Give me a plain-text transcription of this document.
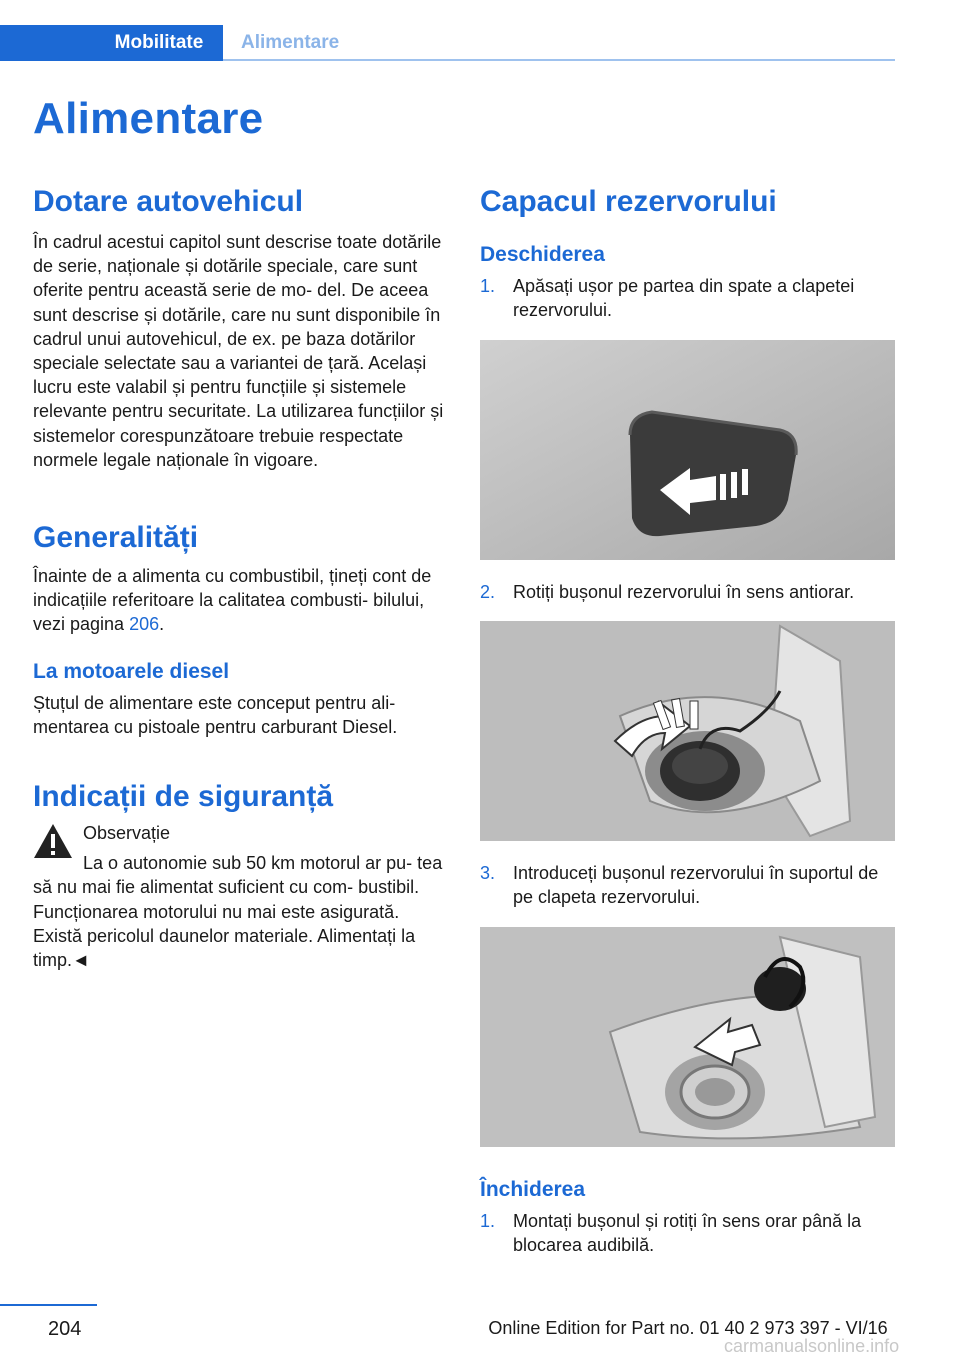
Mobilitate	Alimentare
Alimentare
Dotare autovehicul

În cadrul acestui capitol sunt descrise toate dotările de serie, naționale și dotările speciale, care sunt oferite pentru această serie de mo‐ del. De aceea sunt descrise și dotările, care nu sunt disponibile în cadrul unui autovehicul, de ex. pe baza dotărilor speciale selectate sau a variantei de țară. Același lucru este valabil și pentru funcțiile și sistemele relevante pentru securitate. La utilizarea funcțiilor și sistemelor corespunzătoare trebuie respectate normele legale naționale în vigoare.

Generalități

Înainte de a alimenta cu combustibil, țineți cont de indicațiile referitoare la calitatea combusti‐ bilului, vezi pagina 206.

La motoarele diesel

Ștuțul de alimentare este conceput pentru ali‐ mentarea cu pistoale pentru carburant Diesel.

Indicații de siguranță
Observație
La o autonomie sub 50 km motorul ar pu‐ tea să nu mai fie alimentat suficient cu com‐ bustibil. Funcționarea motorului nu mai este asigurată. Există pericolul daunelor materiale. Alimentați la timp.◄
Capacul rezervorului
Deschiderea
1. Apăsați ușor pe partea din spate a clapetei rezervorului.
2. Rotiți bușonul rezervorului în sens antiorar.
3. Introduceți bușonul rezervorului în suportul de pe clapeta rezervorului.
Închiderea
1. Montați bușonul și rotiți în sens orar până la blocarea audibilă.
204	Online Edition for Part no. 01 40 2 973 397 - VI/16
carmanualsonline.info
